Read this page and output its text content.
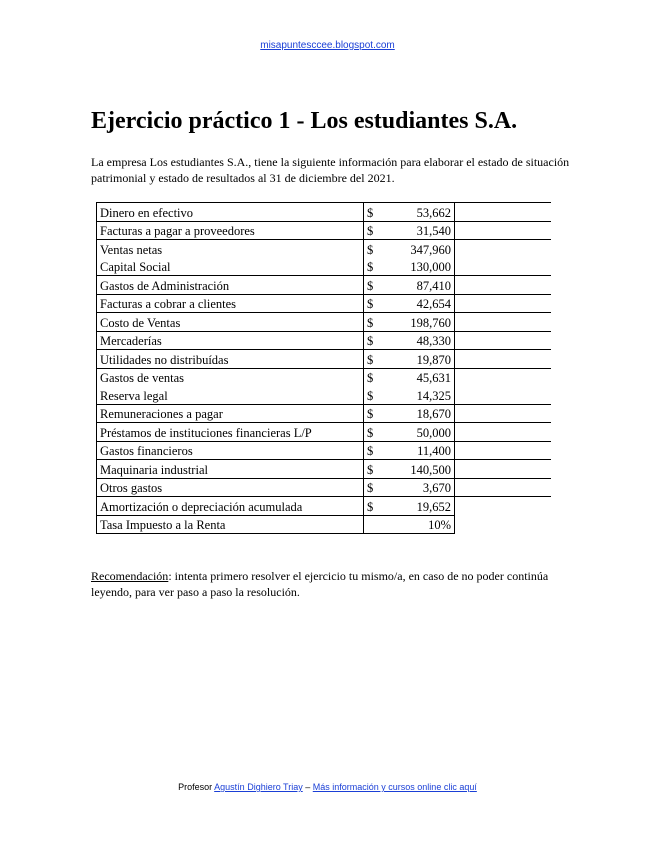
misapuntesccee.blogspot.com
Ejercicio práctico 1 - Los estudiantes S.A.

La empresa Los estudiantes S.A., tiene la siguiente información para elaborar el estado de situación patrimonial y estado de resultados al 31 de diciembre del 2021.

Dinero en efectivo	$	53,662	
Facturas a pagar a proveedores	$	31,540	
Ventas netas	$	347,960	
Capital Social	$	130,000	
Gastos de Administración	$	87,410	
Facturas a cobrar a clientes	$	42,654	
Costo de Ventas	$	198,760	
Mercaderías	$	48,330	
Utilidades no distribuídas	$	19,870	
Gastos de ventas	$	45,631	
Reserva legal	$	14,325	
Remuneraciones a pagar	$	18,670	
Préstamos de instituciones financieras L/P	$	50,000	
Gastos financieros	$	11,400	
Maquinaria industrial	$	140,500	
Otros gastos	$	3,670	
Amortización o depreciación acumulada	$	19,652	
Tasa Impuesto a la Renta		10%	

Recomendación: intenta primero resolver el ejercicio tu mismo/a, en caso de no poder continúa leyendo, para ver paso a paso la resolución.

Profesor Agustín Dighiero Triay – Más información y cursos online clic aquí
